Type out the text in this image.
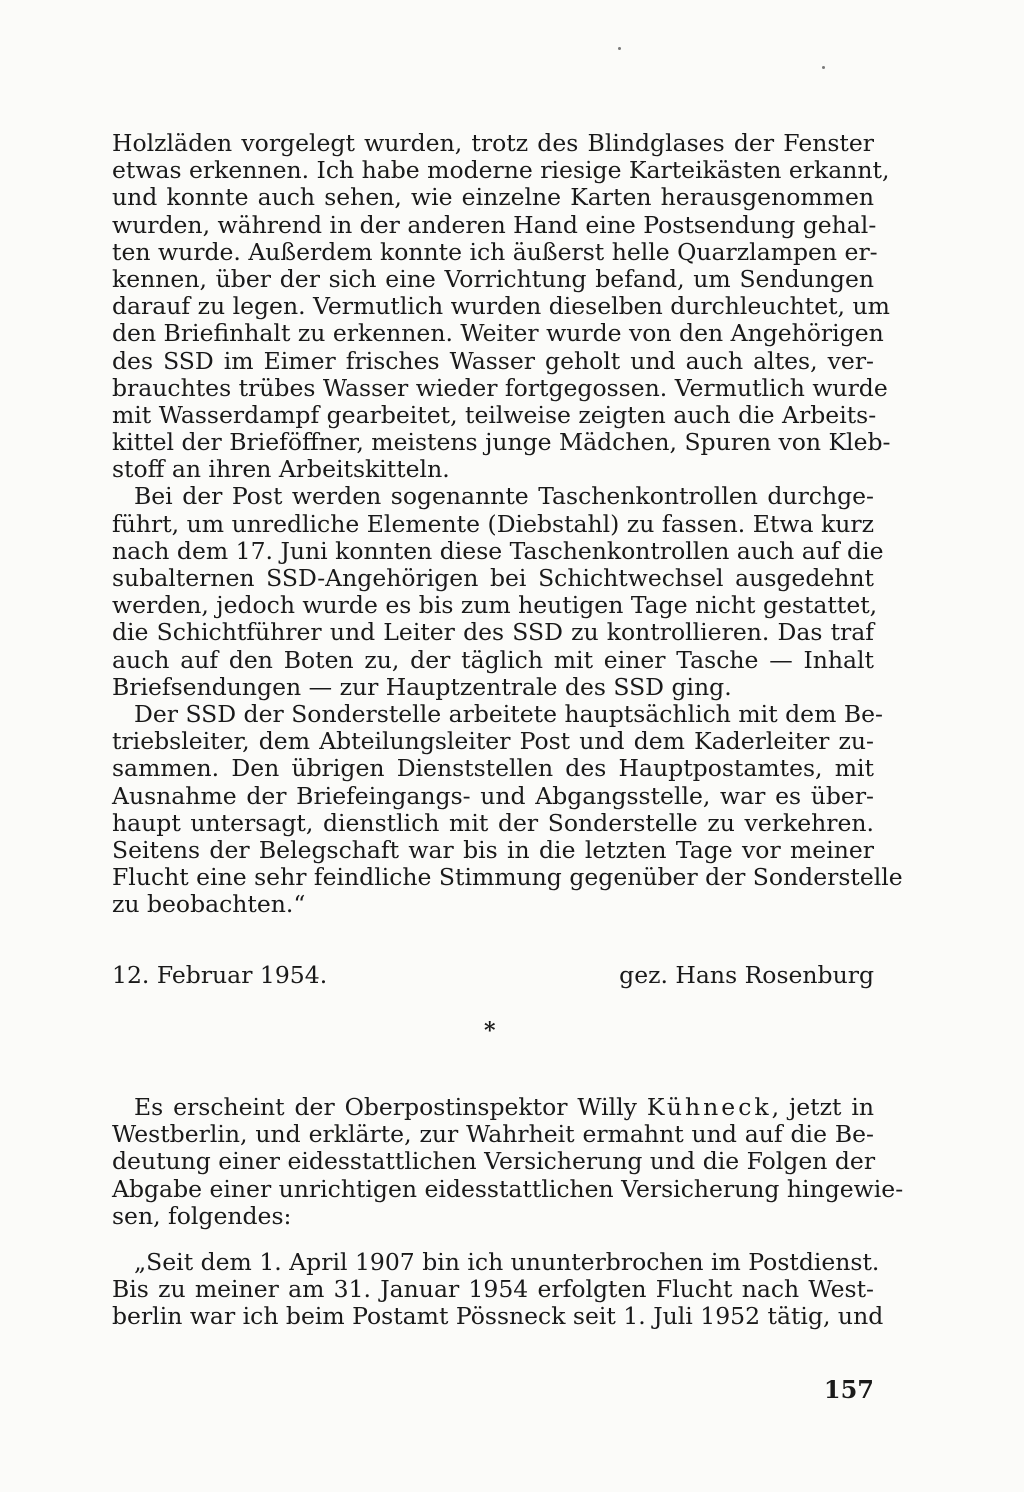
Holzläden vorgelegt wurden, trotz des Blindglases der Fenster
etwas erkennen. Ich habe moderne riesige Karteikästen erkannt,
und konnte auch sehen, wie einzelne Karten herausgenommen
wurden, während in der anderen Hand eine Postsendung gehal-
ten wurde. Außerdem konnte ich äußerst helle Quarzlampen er-
kennen, über der sich eine Vorrichtung befand, um Sendungen
darauf zu legen. Vermutlich wurden dieselben durchleuchtet, um
den Briefinhalt zu erkennen. Weiter wurde von den Angehörigen
des SSD im Eimer frisches Wasser geholt und auch altes, ver-
brauchtes trübes Wasser wieder fortgegossen. Vermutlich wurde
mit Wasserdampf gearbeitet, teilweise zeigten auch die Arbeits-
kittel der Brieföffner, meistens junge Mädchen, Spuren von Kleb-
stoff an ihren Arbeitskitteln.
Bei der Post werden sogenannte Taschenkontrollen durchge-
führt, um unredliche Elemente (Diebstahl) zu fassen. Etwa kurz
nach dem 17. Juni konnten diese Taschenkontrollen auch auf die
subalternen SSD-Angehörigen bei Schichtwechsel ausgedehnt
werden, jedoch wurde es bis zum heutigen Tage nicht gestattet,
die Schichtführer und Leiter des SSD zu kontrollieren. Das traf
auch auf den Boten zu, der täglich mit einer Tasche — Inhalt
Briefsendungen — zur Hauptzentrale des SSD ging.
Der SSD der Sonderstelle arbeitete hauptsächlich mit dem Be-
triebsleiter, dem Abteilungsleiter Post und dem Kaderleiter zu-
sammen. Den übrigen Dienststellen des Hauptpostamtes, mit
Ausnahme der Briefeingangs- und Abgangsstelle, war es über-
haupt untersagt, dienstlich mit der Sonderstelle zu verkehren.
Seitens der Belegschaft war bis in die letzten Tage vor meiner
Flucht eine sehr feindliche Stimmung gegenüber der Sonderstelle
zu beobachten.“
12. Februar 1954.	gez. Hans Rosenburg
*
Es erscheint der Oberpostinspektor Willy Kühneck, jetzt in
Westberlin, und erklärte, zur Wahrheit ermahnt und auf die Be-
deutung einer eidesstattlichen Versicherung und die Folgen der
Abgabe einer unrichtigen eidesstattlichen Versicherung hingewie-
sen, folgendes:
„Seit dem 1. April 1907 bin ich ununterbrochen im Postdienst.
Bis zu meiner am 31. Januar 1954 erfolgten Flucht nach West-
berlin war ich beim Postamt Pössneck seit 1. Juli 1952 tätig, und
157
